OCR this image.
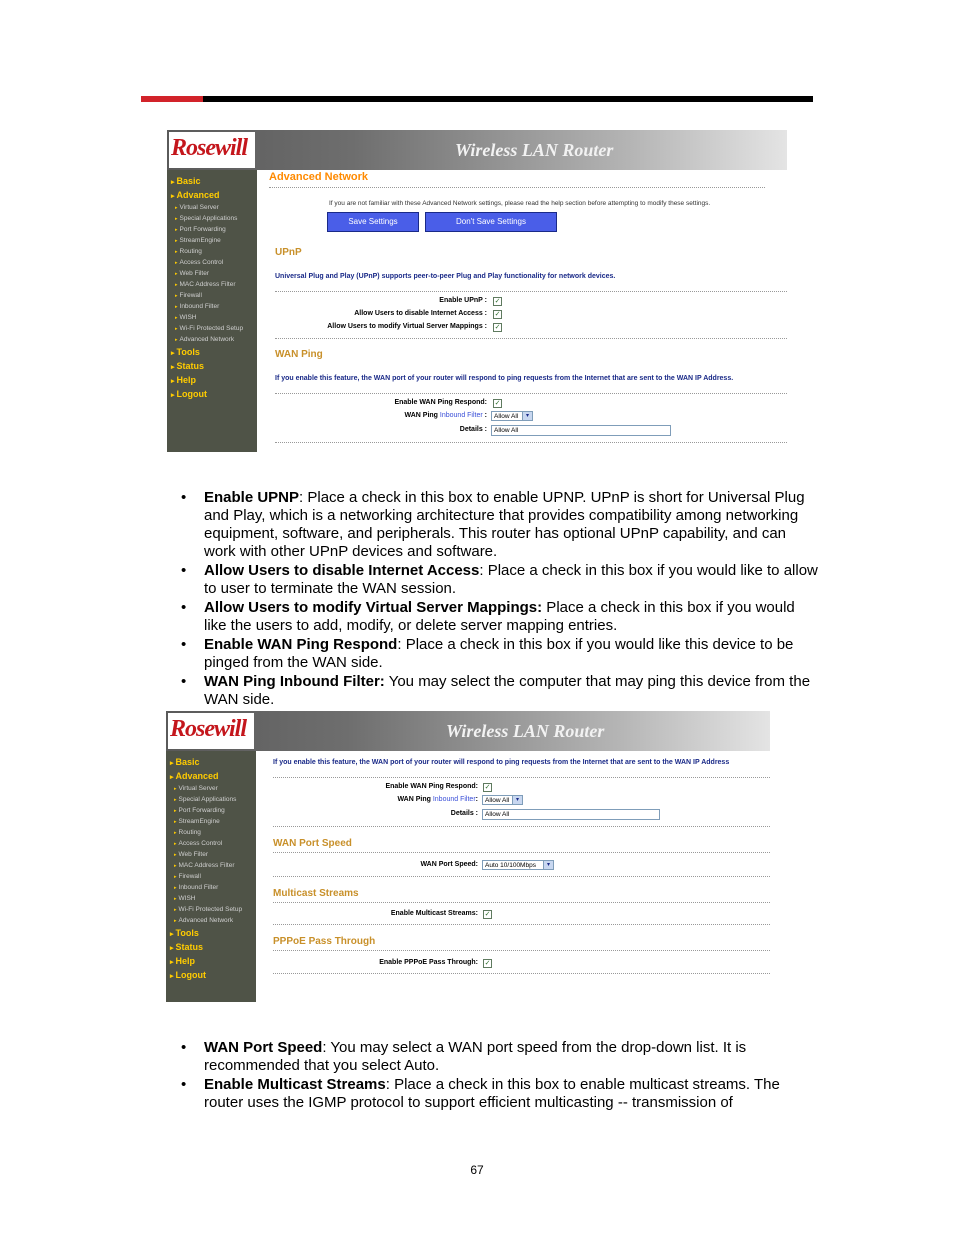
Rosewill	Wireless LAN Router
▸ Basic
▸ Advanced
▸ Virtual Server
▸ Special Applications
▸ Port Forwarding
▸ StreamEngine
▸ Routing
▸ Access Control
▸ Web Filter
▸ MAC Address Filter
▸ Firewall
▸ Inbound Filter
▸ WISH
▸ Wi-Fi Protected Setup
▸ Advanced Network
▸ Tools
▸ Status
▸ Help
▸ Logout
Advanced Network
If you are not familiar with these Advanced Network settings, please read the help section before attempting to modify these settings.
Save Settings	Don't Save Settings
UPnP
Universal Plug and Play (UPnP) supports peer-to-peer Plug and Play functionality for network devices.
Enable UPnP : ✓
Allow Users to disable Internet Access : ✓
Allow Users to modify Virtual Server Mappings : ✓
WAN Ping
If you enable this feature, the WAN port of your router will respond to ping requests from the Internet that are sent to the WAN IP Address.
Enable WAN Ping Respond: ✓
WAN Ping Inbound Filter :	Allow All	▾
Details :	Allow All
• Enable UPNP: Place a check in this box to enable UPNP. UPnP is short for Universal Plug and Play, which is a networking architecture that provides compatibility among networking equipment, software, and peripherals. This router has optional UPnP capability, and can work with other UPnP devices and software.
• Allow Users to disable Internet Access: Place a check in this box if you would like to allow to user to terminate the WAN session.
• Allow Users to modify Virtual Server Mappings: Place a check in this box if you would like the users to add, modify, or delete server mapping entries.
• Enable WAN Ping Respond: Place a check in this box if you would like this device to be pinged from the WAN side.
• WAN Ping Inbound Filter: You may select the computer that may ping this device from the WAN side.
Rosewill	Wireless LAN Router
▸ Basic
▸ Advanced
▸ Virtual Server
▸ Special Applications
▸ Port Forwarding
▸ StreamEngine
▸ Routing
▸ Access Control
▸ Web Filter
▸ MAC Address Filter
▸ Firewall
▸ Inbound Filter
▸ WISH
▸ Wi-Fi Protected Setup
▸ Advanced Network
▸ Tools
▸ Status
▸ Help
▸ Logout
If you enable this feature, the WAN port of your router will respond to ping requests from the Internet that are sent to the WAN IP Address
Enable WAN Ping Respond: ✓
WAN Ping Inbound Filter:	Allow All	▾
Details :	Allow All
WAN Port Speed
WAN Port Speed:	Auto 10/100Mbps	▾
Multicast Streams
Enable Multicast Streams: ✓
PPPoE Pass Through
Enable PPPoE Pass Through: ✓
• WAN Port Speed: You may select a WAN port speed from the drop-down list. It is recommended that you select Auto.
• Enable Multicast Streams: Place a check in this box to enable multicast streams. The router uses the IGMP protocol to support efficient multicasting -- transmission of
67
